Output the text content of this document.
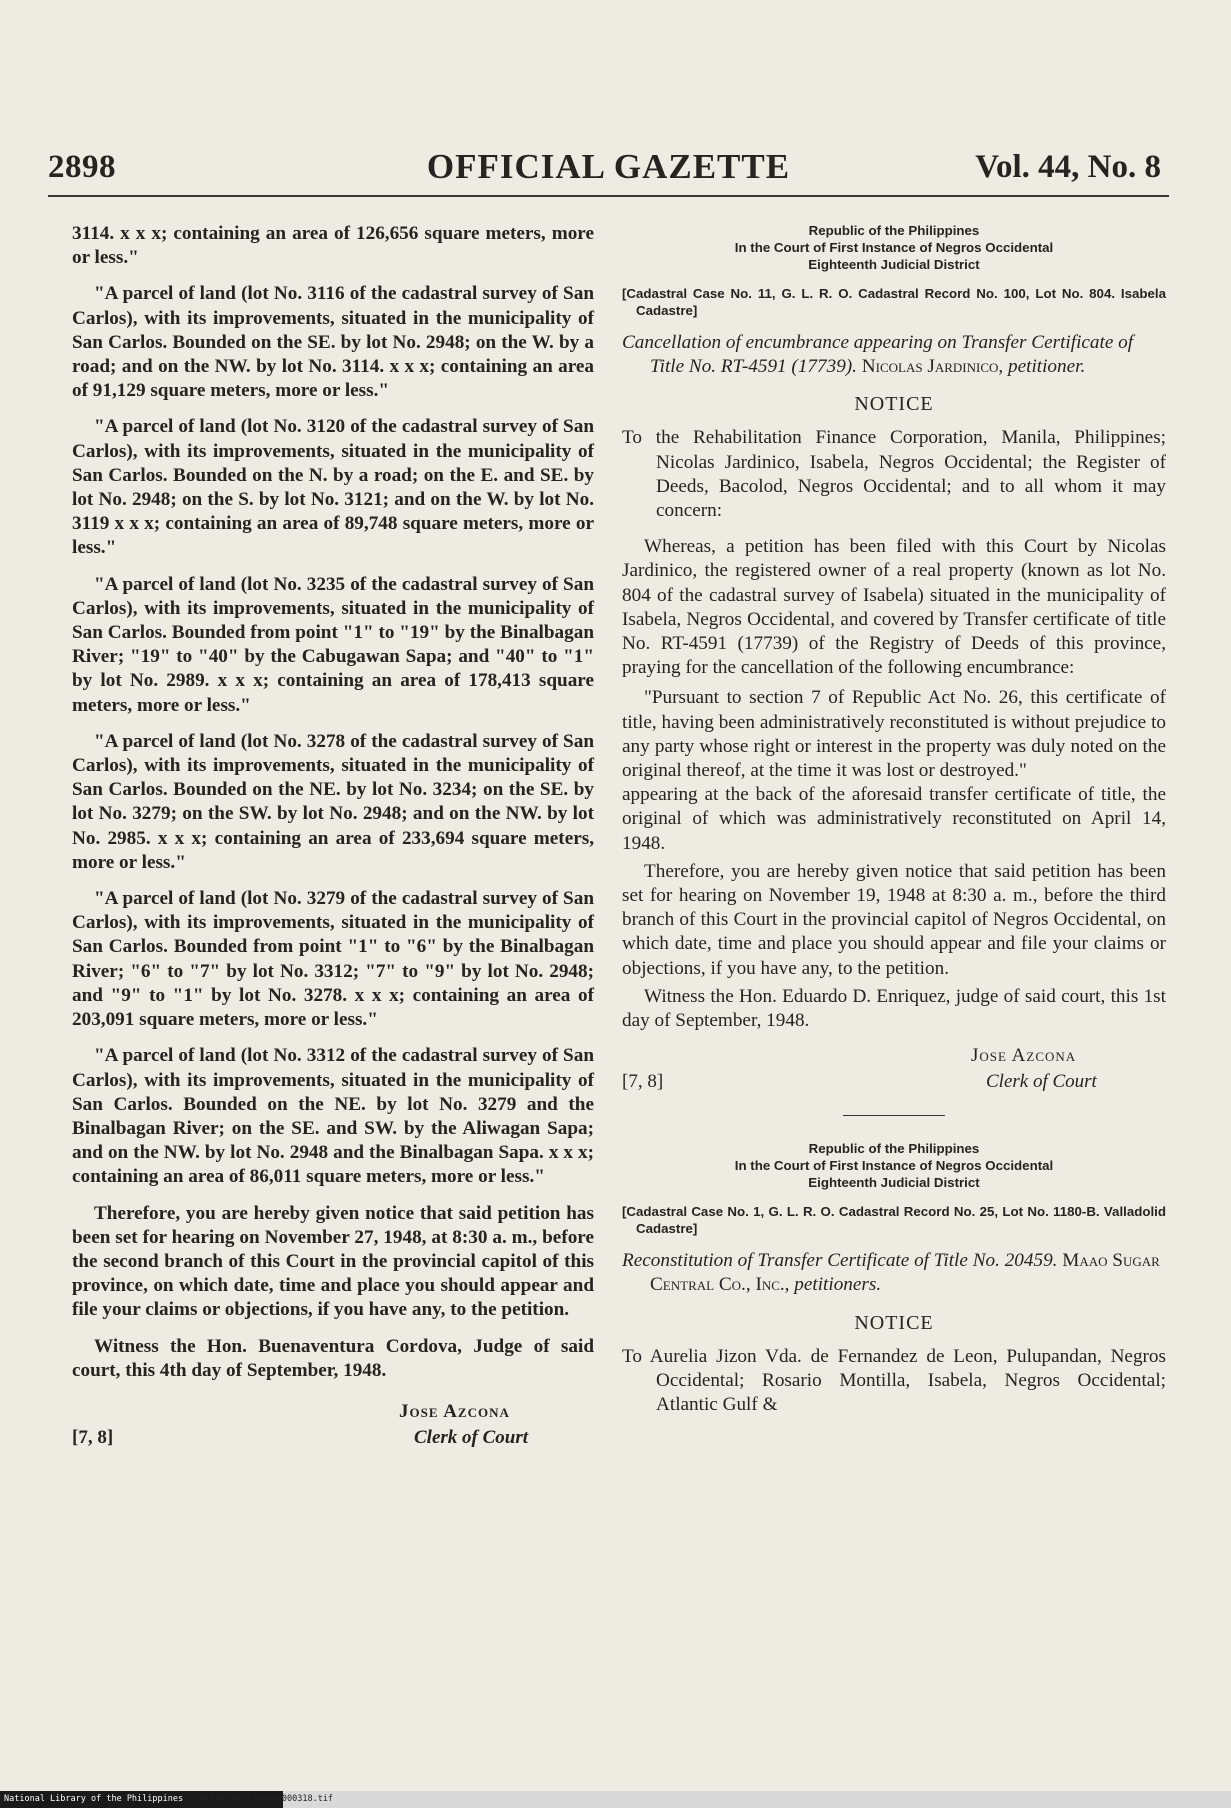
2898	OFFICIAL GAZETTE	Vol. 44, No. 8

3114. x x x; containing an area of 126,656 square meters, more or less."

"A parcel of land (lot No. 3116 of the cadastral survey of San Carlos), with its improvements, situated in the municipality of San Carlos. Bounded on the SE. by lot No. 2948; on the W. by a road; and on the NW. by lot No. 3114. x x x; containing an area of 91,129 square meters, more or less."

"A parcel of land (lot No. 3120 of the cadastral survey of San Carlos), with its improvements, situated in the municipality of San Carlos. Bounded on the N. by a road; on the E. and SE. by lot No. 2948; on the S. by lot No. 3121; and on the W. by lot No. 3119 x x x; containing an area of 89,748 square meters, more or less."

"A parcel of land (lot No. 3235 of the cadastral survey of San Carlos), with its improvements, situated in the municipality of San Carlos. Bounded from point "1" to "19" by the Binalbagan River; "19" to "40" by the Cabugawan Sapa; and "40" to "1" by lot No. 2989. x x x; containing an area of 178,413 square meters, more or less."

"A parcel of land (lot No. 3278 of the cadastral survey of San Carlos), with its improvements, situated in the municipality of San Carlos. Bounded on the NE. by lot No. 3234; on the SE. by lot No. 3279; on the SW. by lot No. 2948; and on the NW. by lot No. 2985. x x x; containing an area of 233,694 square meters, more or less."

"A parcel of land (lot No. 3279 of the cadastral survey of San Carlos), with its improvements, situated in the municipality of San Carlos. Bounded from point "1" to "6" by the Binalbagan River; "6" to "7" by lot No. 3312; "7" to "9" by lot No. 2948; and "9" to "1" by lot No. 3278. x x x; containing an area of 203,091 square meters, more or less."

"A parcel of land (lot No. 3312 of the cadastral survey of San Carlos), with its improvements, situated in the municipality of San Carlos. Bounded on the NE. by lot No. 3279 and the Binalbagan River; on the SE. and SW. by the Aliwagan Sapa; and on the NW. by lot No. 2948 and the Binalbagan Sapa. x x x; containing an area of 86,011 square meters, more or less."

Therefore, you are hereby given notice that said petition has been set for hearing on November 27, 1948, at 8:30 a. m., before the second branch of this Court in the provincial capitol of this province, on which date, time and place you should appear and file your claims or objections, if you have any, to the petition.

Witness the Hon. Buenaventura Cordova, Judge of said court, this 4th day of September, 1948.

[7, 8]
Jose Azcona
Clerk of Court
Republic of the Philippines
In the Court of First Instance of Negros Occidental
Eighteenth Judicial District

[Cadastral Case No. 11, G. L. R. O. Cadastral Record No. 100, Lot No. 804. Isabela Cadastre]

Cancellation of encumbrance appearing on Transfer Certificate of Title No. RT-4591 (17739). Nicolas Jardinico, petitioner.

NOTICE

To the Rehabilitation Finance Corporation, Manila, Philippines; Nicolas Jardinico, Isabela, Negros Occidental; the Register of Deeds, Bacolod, Negros Occidental; and to all whom it may concern:

Whereas, a petition has been filed with this Court by Nicolas Jardinico, the registered owner of a real property (known as lot No. 804 of the cadastral survey of Isabela) situated in the municipality of Isabela, Negros Occidental, and covered by Transfer certificate of title No. RT-4591 (17739) of the Registry of Deeds of this province, praying for the cancellation of the following encumbrance:

"Pursuant to section 7 of Republic Act No. 26, this certificate of title, having been administratively reconstituted is without prejudice to any party whose right or interest in the property was duly noted on the original thereof, at the time it was lost or destroyed."

appearing at the back of the aforesaid transfer certificate of title, the original of which was administratively reconstituted on April 14, 1948.

Therefore, you are hereby given notice that said petition has been set for hearing on November 19, 1948 at 8:30 a. m., before the third branch of this Court in the provincial capitol of Negros Occidental, on which date, time and place you should appear and file your claims or objections, if you have any, to the petition.

Witness the Hon. Eduardo D. Enriquez, judge of said court, this 1st day of September, 1948.

[7, 8]
Jose Azcona
Clerk of Court
Republic of the Philippines
In the Court of First Instance of Negros Occidental
Eighteenth Judicial District

[Cadastral Case No. 1, G. L. R. O. Cadastral Record No. 25, Lot No. 1180-B. Valladolid Cadastre]

Reconstitution of Transfer Certificate of Title No. 20459. Maao Sugar Central Co., Inc., petitioners.

NOTICE

To Aurelia Jizon Vda. de Fernandez de Leon, Pulupandan, Negros Occidental; Rosario Montilla, Isabela, Negros Occidental; Atlantic Gulf &

National Library of the Philippines NLP00JR0G1948aug000318.tif
